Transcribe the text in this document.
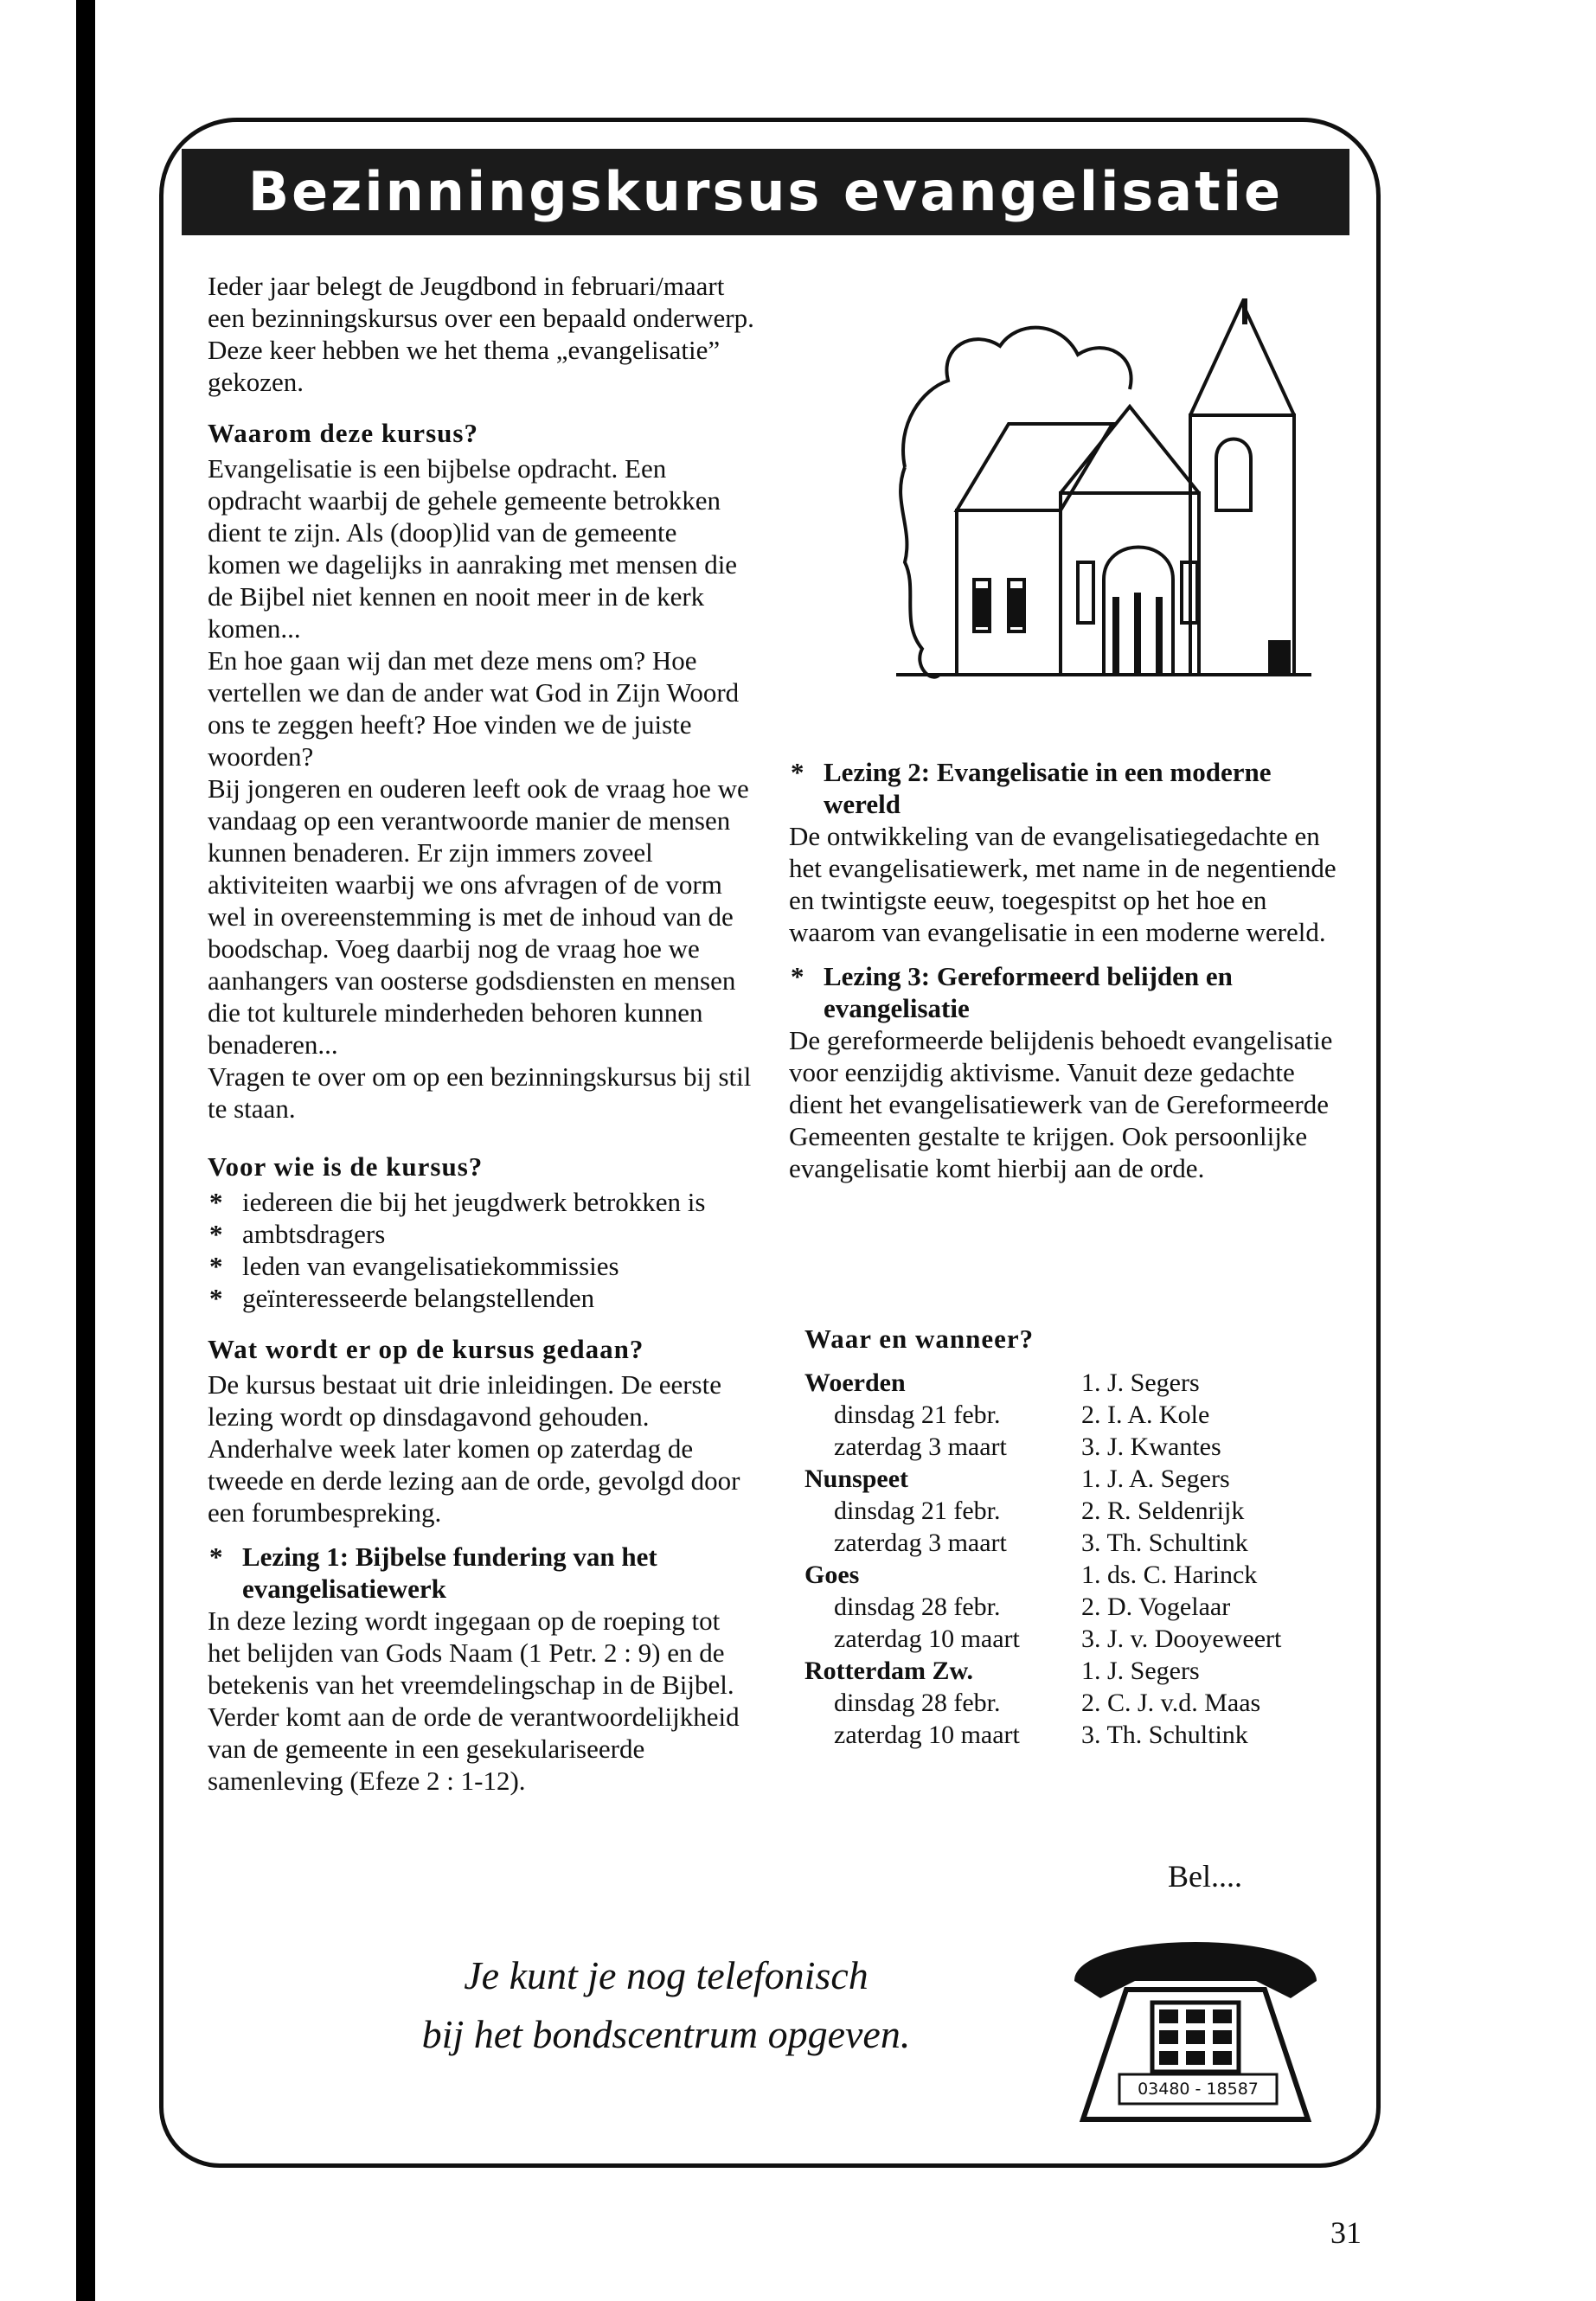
Bezinningskursus evangelisatie

Ieder jaar belegt de Jeugdbond in februari/maart een bezinningskursus over een bepaald onderwerp. Deze keer hebben we het thema „evangelisatie” gekozen.

Waarom deze kursus?

Evangelisatie is een bijbelse opdracht. Een opdracht waarbij de gehele gemeente betrokken dient te zijn. Als (doop)lid van de gemeente komen we dagelijks in aanraking met mensen die de Bijbel niet kennen en nooit meer in de kerk komen...

En hoe gaan wij dan met deze mens om? Hoe vertellen we dan de ander wat God in Zijn Woord ons te zeggen heeft? Hoe vinden we de juiste woorden?

Bij jongeren en ouderen leeft ook de vraag hoe we vandaag op een verantwoorde manier de mensen kunnen benaderen. Er zijn immers zoveel aktiviteiten waarbij we ons afvragen of de vorm wel in overeenstemming is met de inhoud van de boodschap. Voeg daarbij nog de vraag hoe we aanhangers van oosterse godsdiensten en mensen die tot kulturele minderheden behoren kunnen benaderen...

Vragen te over om op een bezinningskursus bij stil te staan.

Voor wie is de kursus?

* iedereen die bij het jeugdwerk betrokken is
* ambtsdragers
* leden van evangelisatiekommissies
* geïnteresseerde belangstellenden

Wat wordt er op de kursus gedaan?

De kursus bestaat uit drie inleidingen. De eerste lezing wordt op dinsdagavond gehouden. Anderhalve week later komen op zaterdag de tweede en derde lezing aan de orde, gevolgd door een forumbespreking.

* Lezing 1: Bijbelse fundering van het evangelisatiewerk

In deze lezing wordt ingegaan op de roeping tot het belijden van Gods Naam (1 Petr. 2 : 9) en de betekenis van het vreemdelingschap in de Bijbel. Verder komt aan de orde de verantwoordelijkheid van de gemeente in een gesekulariseerde samenleving (Efeze 2 : 1-12).

* Lezing 2: Evangelisatie in een moderne wereld

De ontwikkeling van de evangelisatiegedachte en het evangelisatiewerk, met name in de negentiende en twintigste eeuw, toegespitst op het hoe en waarom van evangelisatie in een moderne wereld.

* Lezing 3: Gereformeerd belijden en evangelisatie

De gereformeerde belijdenis behoedt evangelisatie voor eenzijdig aktivisme. Vanuit deze gedachte dient het evangelisatiewerk van de Gereformeerde Gemeenten gestalte te krijgen. Ook persoonlijke evangelisatie komt hierbij aan de orde.

Waar en wanneer?
Woerden
dinsdag 21 febr.
zaterdag 3 maart
1. J. Segers
2. I. A. Kole
3. J. Kwantes
Nunspeet
dinsdag 21 febr.
zaterdag 3 maart
1. J. A. Segers
2. R. Seldenrijk
3. Th. Schultink
Goes
dinsdag 28 febr.
zaterdag 10 maart
1. ds. C. Harinck
2. D. Vogelaar
3. J. v. Dooyeweert
Rotterdam Zw.
dinsdag 28 febr.
zaterdag 10 maart
1. J. Segers
2. C. J. v.d. Maas
3. Th. Schultink
Bel....
03480 - 18587
Je kunt je nog telefonisch
bij het bondscentrum opgeven.
31
